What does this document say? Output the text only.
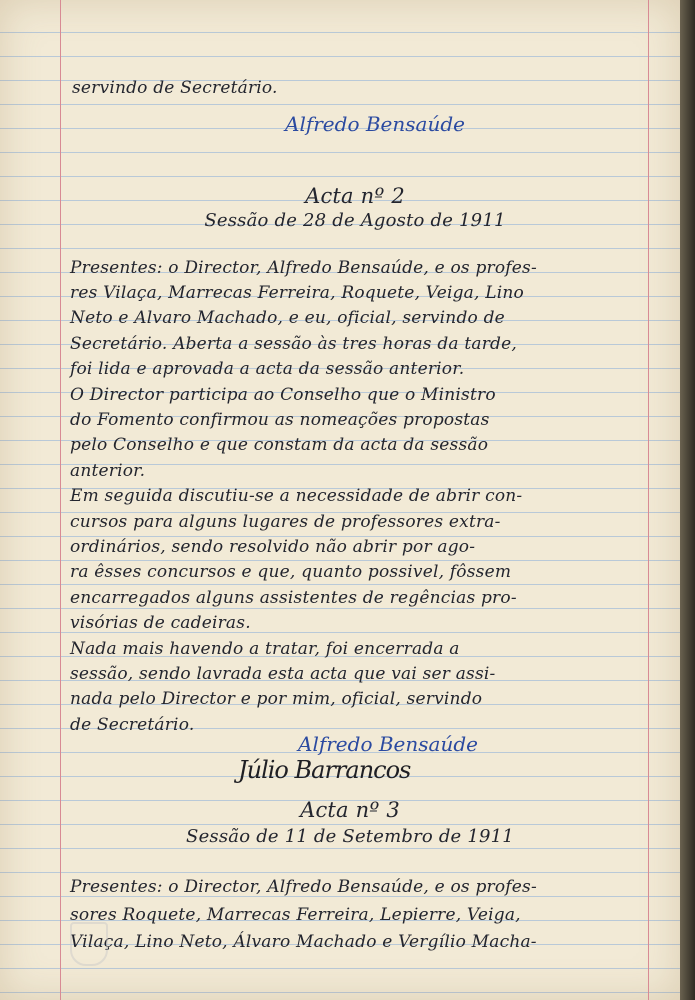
servindo de Secretário.

Alfredo Bensaúde

Acta nº 2

Sessão de 28 de Agosto de 1911

Presentes: o Director, Alfredo Bensaúde, e os profes-

res Vilaça, Marrecas Ferreira, Roquete, Veiga, Lino

Neto e Alvaro Machado, e eu, oficial, servindo de

Secretário. Aberta a sessão às tres horas da tarde,

foi lida e aprovada a acta da sessão anterior.

O Director participa ao Conselho que o Ministro

do Fomento confirmou as nomeações propostas

pelo Conselho e que constam da acta da sessão

anterior.

Em seguida discutiu-se a necessidade de abrir con-

cursos para alguns lugares de professores extra-

ordinários, sendo resolvido não abrir por ago-

ra êsses concursos e que, quanto possivel, fôssem

encarregados alguns assistentes de regências pro-

visórias de cadeiras.

Nada mais havendo a tratar, foi encerrada a

sessão, sendo lavrada esta acta que vai ser assi-

nada pelo Director e por mim, oficial, servindo

de Secretário.

Alfredo Bensaúde
Júlio Barrancos

Acta nº 3

Sessão de 11 de Setembro de 1911

Presentes: o Director, Alfredo Bensaúde, e os profes-

sores Roquete, Marrecas Ferreira, Lepierre, Veiga,

Vilaça, Lino Neto, Álvaro Machado e Vergílio Macha-
